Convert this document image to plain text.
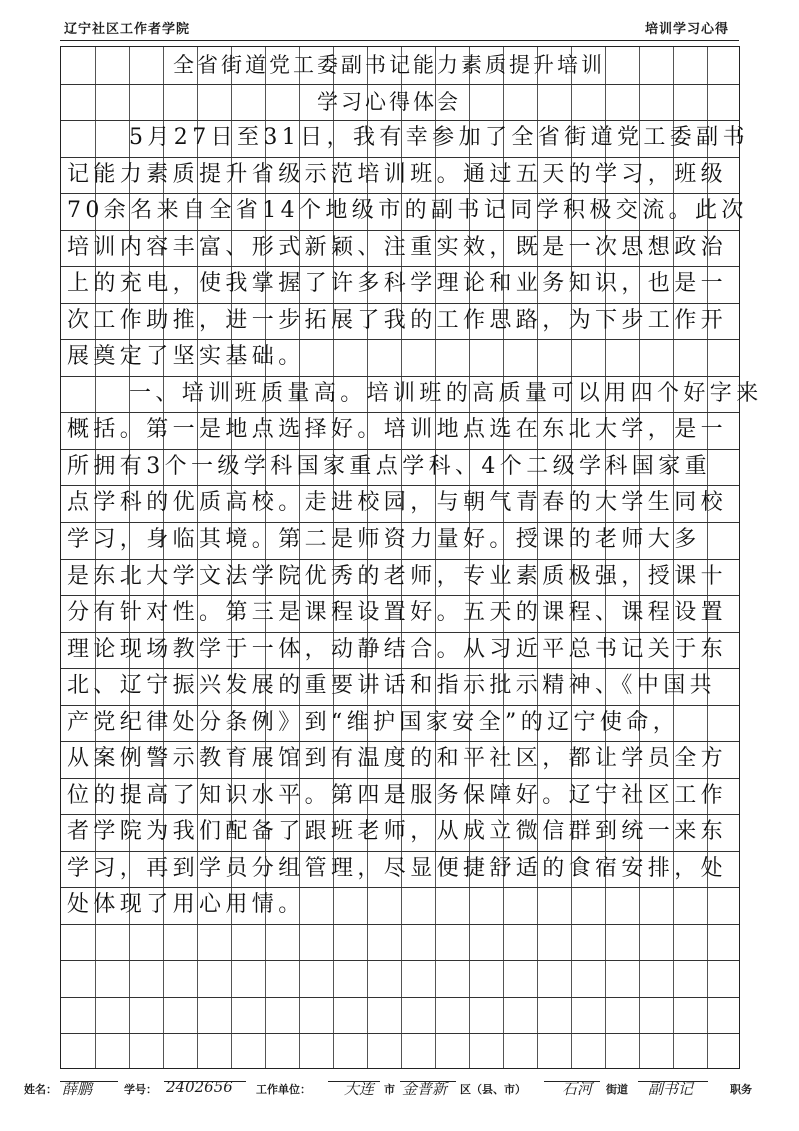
辽宁社区工作者学院	培训学习心得
全省街道党工委副书记能力素质提升培训
学习心得体会
5月27日至31日，我有幸参加了全省街道党工委副书
记能力素质提升省级示范培训班。通过五天的学习，班级
70余名来自全省14个地级市的副书记同学积极交流。此次
培训内容丰富、形式新颖、注重实效，既是一次思想政治
上的充电，使我掌握了许多科学理论和业务知识，也是一
次工作助推，进一步拓展了我的工作思路，为下步工作开
展奠定了坚实基础。
一、培训班质量高。培训班的高质量可以用四个好字来
概括。第一是地点选择好。培训地点选在东北大学，是一
所拥有3个一级学科国家重点学科、4个二级学科国家重
点学科的优质高校。走进校园，与朝气青春的大学生同校
学习，身临其境。第二是师资力量好。授课的老师大多
是东北大学文法学院优秀的老师，专业素质极强，授课十
分有针对性。第三是课程设置好。五天的课程、课程设置
理论现场教学于一体，动静结合。从习近平总书记关于东
北、辽宁振兴发展的重要讲话和指示批示精神、《中国共
产党纪律处分条例》到“维护国家安全”的辽宁使命，
从案例警示教育展馆到有温度的和平社区，都让学员全方
位的提高了知识水平。第四是服务保障好。辽宁社区工作
者学院为我们配备了跟班老师，从成立微信群到统一来东
学习，再到学员分组管理，尽显便捷舒适的食宿安排，处
处体现了用心用情。
姓名： 薛鹏	学号： 2402656 工作单位： 大连 市 金普新 区（县、市） 石河 街道 副书记	职务
